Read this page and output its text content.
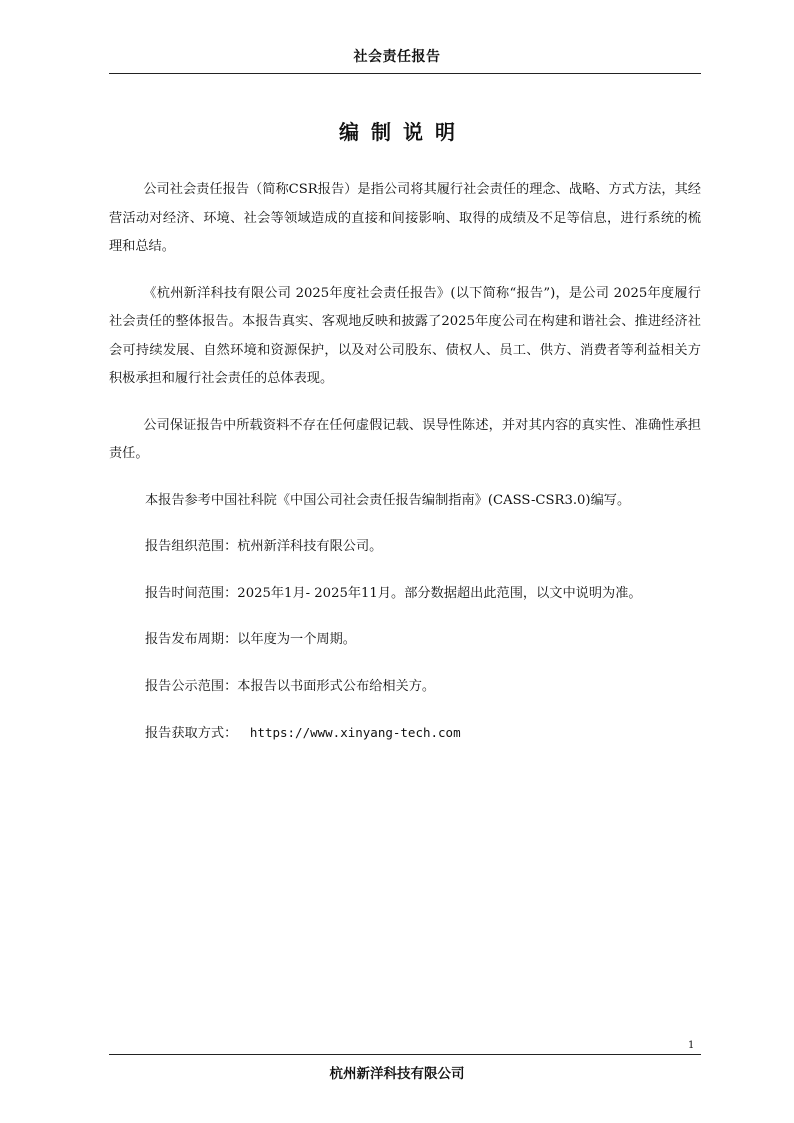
社会责任报告
编制说明

公司社会责任报告（简称CSR报告）是指公司将其履行社会责任的理念、战略、方式方法，其经营活动对经济、环境、社会等领域造成的直接和间接影响、取得的成绩及不足等信息，进行系统的梳理和总结。

《杭州新洋科技有限公司 2025年度社会责任报告》(以下简称“报告”)，是公司 2025年度履行社会责任的整体报告。本报告真实、客观地反映和披露了2025年度公司在构建和谐社会、推进经济社会可持续发展、自然环境和资源保护，以及对公司股东、债权人、员工、供方、消费者等利益相关方积极承担和履行社会责任的总体表现。

公司保证报告中所载资料不存在任何虚假记载、误导性陈述，并对其内容的真实性、准确性承担责任。

本报告参考中国社科院《中国公司社会责任报告编制指南》(CASS-CSR3.0)编写。

报告组织范围：杭州新洋科技有限公司。

报告时间范围：2025年1月- 2025年11月。部分数据超出此范围，以文中说明为准。

报告发布周期：以年度为一个周期。

报告公示范围：本报告以书面形式公布给相关方。

报告获取方式： https://www.xinyang-tech.com

1
杭州新洋科技有限公司
